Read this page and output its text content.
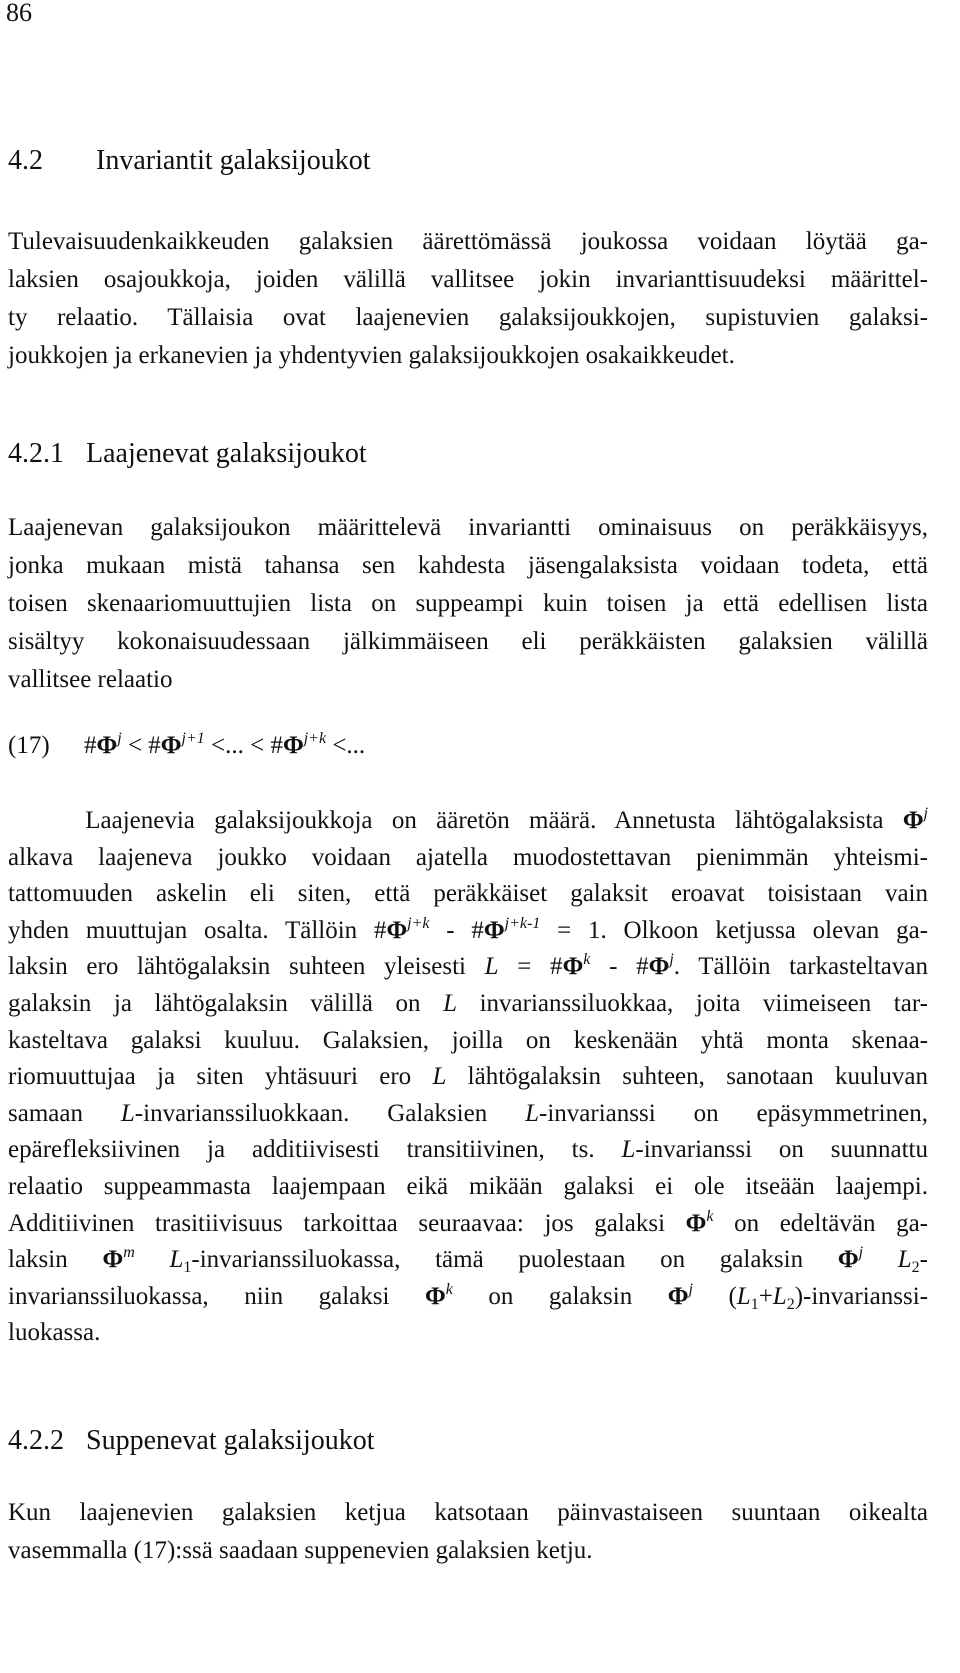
86
4.2 Invariantit galaksijoukot
Tulevaisuudenkaikkeuden galaksien äärettömässä joukossa voidaan löytää ga-
laksien osajoukkoja, joiden välillä vallitsee jokin invarianttisuudeksi määrittel-
ty relaatio. Tällaisia ovat laajenevien galaksijoukkojen, supistuvien galaksi-
joukkojen ja erkanevien ja yhdentyvien galaksijoukkojen osakaikkeudet.
4.2.1 Laajenevat galaksijoukot
Laajenevan galaksijoukon määrittelevä invariantti ominaisuus on peräkkäisyys,
jonka mukaan mistä tahansa sen kahdesta jäsengalaksista voidaan todeta, että
toisen skenaariomuuttujien lista on suppeampi kuin toisen ja että edellisen lista
sisältyy kokonaisuudessaan jälkimmäiseen eli peräkkäisten galaksien välillä
vallitsee relaatio
(17) $\#\Phi^j$ < $\#\Phi^{j+1}$ <... < $\#\Phi^{j+k}$ <...
Laajenevia galaksijoukkoja on ääretön määrä. Annetusta lähtögalaksista $\Phi^j$
alkava laajeneva joukko voidaan ajatella muodostettavan pienimmän yhteismi-
tattomuuden askelin eli siten, että peräkkäiset galaksit eroavat toisistaan vain
yhden muuttujan osalta. Tällöin $\#\Phi^{j+k}$ - $\#\Phi^{j+k-1} = 1$. Olkoon ketjussa olevan ga-
laksin ero lähtögalaksin suhteen yleisesti $L = \#\Phi^k$ - $\#\Phi^j$. Tällöin tarkasteltavan
galaksin ja lähtögalaksin välillä on L invarianssiluokkaa, joita viimeiseen tar-
kasteltava galaksi kuuluu. Galaksien, joilla on keskenään yhtä monta skenaa-
riomuuttujaa ja siten yhtäsuuri ero L lähtögalaksin suhteen, sanotaan kuuluvan
samaan L-invarianssiluokkaan. Galaksien L-invarianssi on epäsymmetrinen,
epärefleksiivinen ja additiivisesti transitiivinen, ts. L-invarianssi on suunnattu
relaatio suppeammasta laajempaan eikä mikään galaksi ei ole itseään laajempi.
Additiivinen trasitiivisuus tarkoittaa seuraavaa: jos galaksi $\Phi^k$ on edeltävän ga-
laksin $\Phi^m$ $L_1$-invarianssiluokassa, tämä puolestaan on galaksin $\Phi^j$ $L_2-$
invarianssiluokassa, niin galaksi $\Phi^k$ on galaksin $\Phi^j$ $(L_1+L_2)-invarianssi-$
luokassa.
4.2.2 Suppenevat galaksijoukot
Kun laajenevien galaksien ketjua katsotaan päinvastaiseen suuntaan oikealta
vasemmalla (17):ssä saadaan suppenevien galaksien ketju.
